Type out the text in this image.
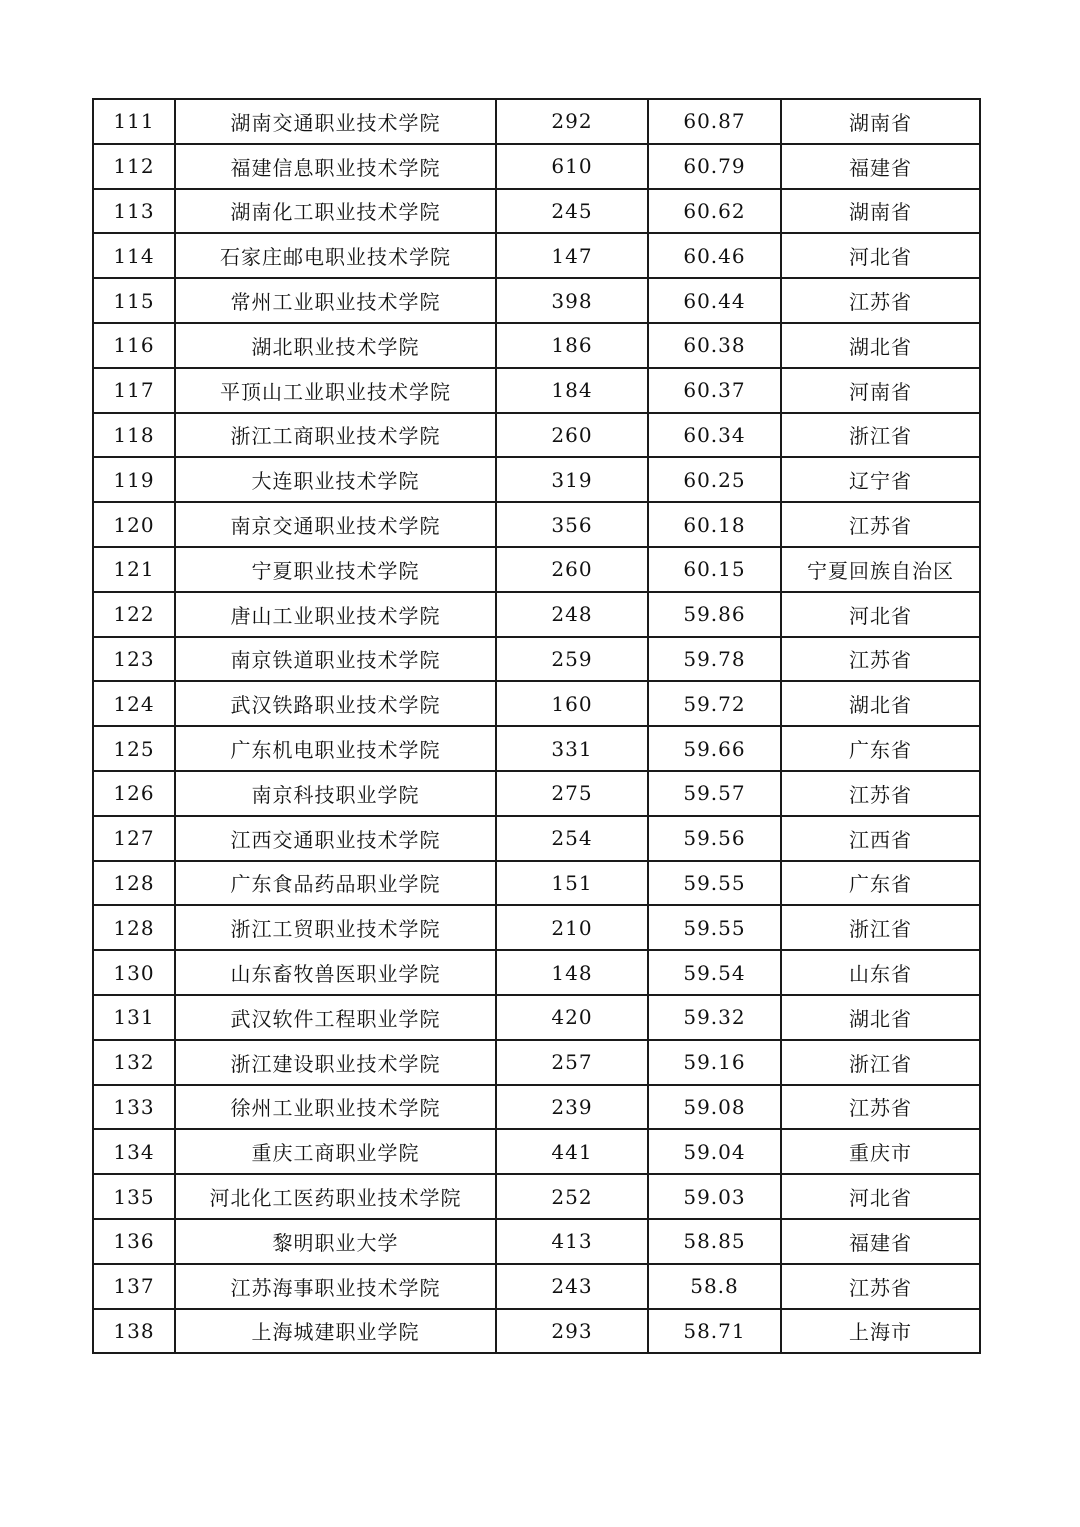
111	湖南交通职业技术学院	292	60.87	湖南省
112	福建信息职业技术学院	610	60.79	福建省
113	湖南化工职业技术学院	245	60.62	湖南省
114	石家庄邮电职业技术学院	147	60.46	河北省
115	常州工业职业技术学院	398	60.44	江苏省
116	湖北职业技术学院	186	60.38	湖北省
117	平顶山工业职业技术学院	184	60.37	河南省
118	浙江工商职业技术学院	260	60.34	浙江省
119	大连职业技术学院	319	60.25	辽宁省
120	南京交通职业技术学院	356	60.18	江苏省
121	宁夏职业技术学院	260	60.15	宁夏回族自治区
122	唐山工业职业技术学院	248	59.86	河北省
123	南京铁道职业技术学院	259	59.78	江苏省
124	武汉铁路职业技术学院	160	59.72	湖北省
125	广东机电职业技术学院	331	59.66	广东省
126	南京科技职业学院	275	59.57	江苏省
127	江西交通职业技术学院	254	59.56	江西省
128	广东食品药品职业学院	151	59.55	广东省
128	浙江工贸职业技术学院	210	59.55	浙江省
130	山东畜牧兽医职业学院	148	59.54	山东省
131	武汉软件工程职业学院	420	59.32	湖北省
132	浙江建设职业技术学院	257	59.16	浙江省
133	徐州工业职业技术学院	239	59.08	江苏省
134	重庆工商职业学院	441	59.04	重庆市
135	河北化工医药职业技术学院	252	59.03	河北省
136	黎明职业大学	413	58.85	福建省
137	江苏海事职业技术学院	243	58.8	江苏省
138	上海城建职业学院	293	58.71	上海市
